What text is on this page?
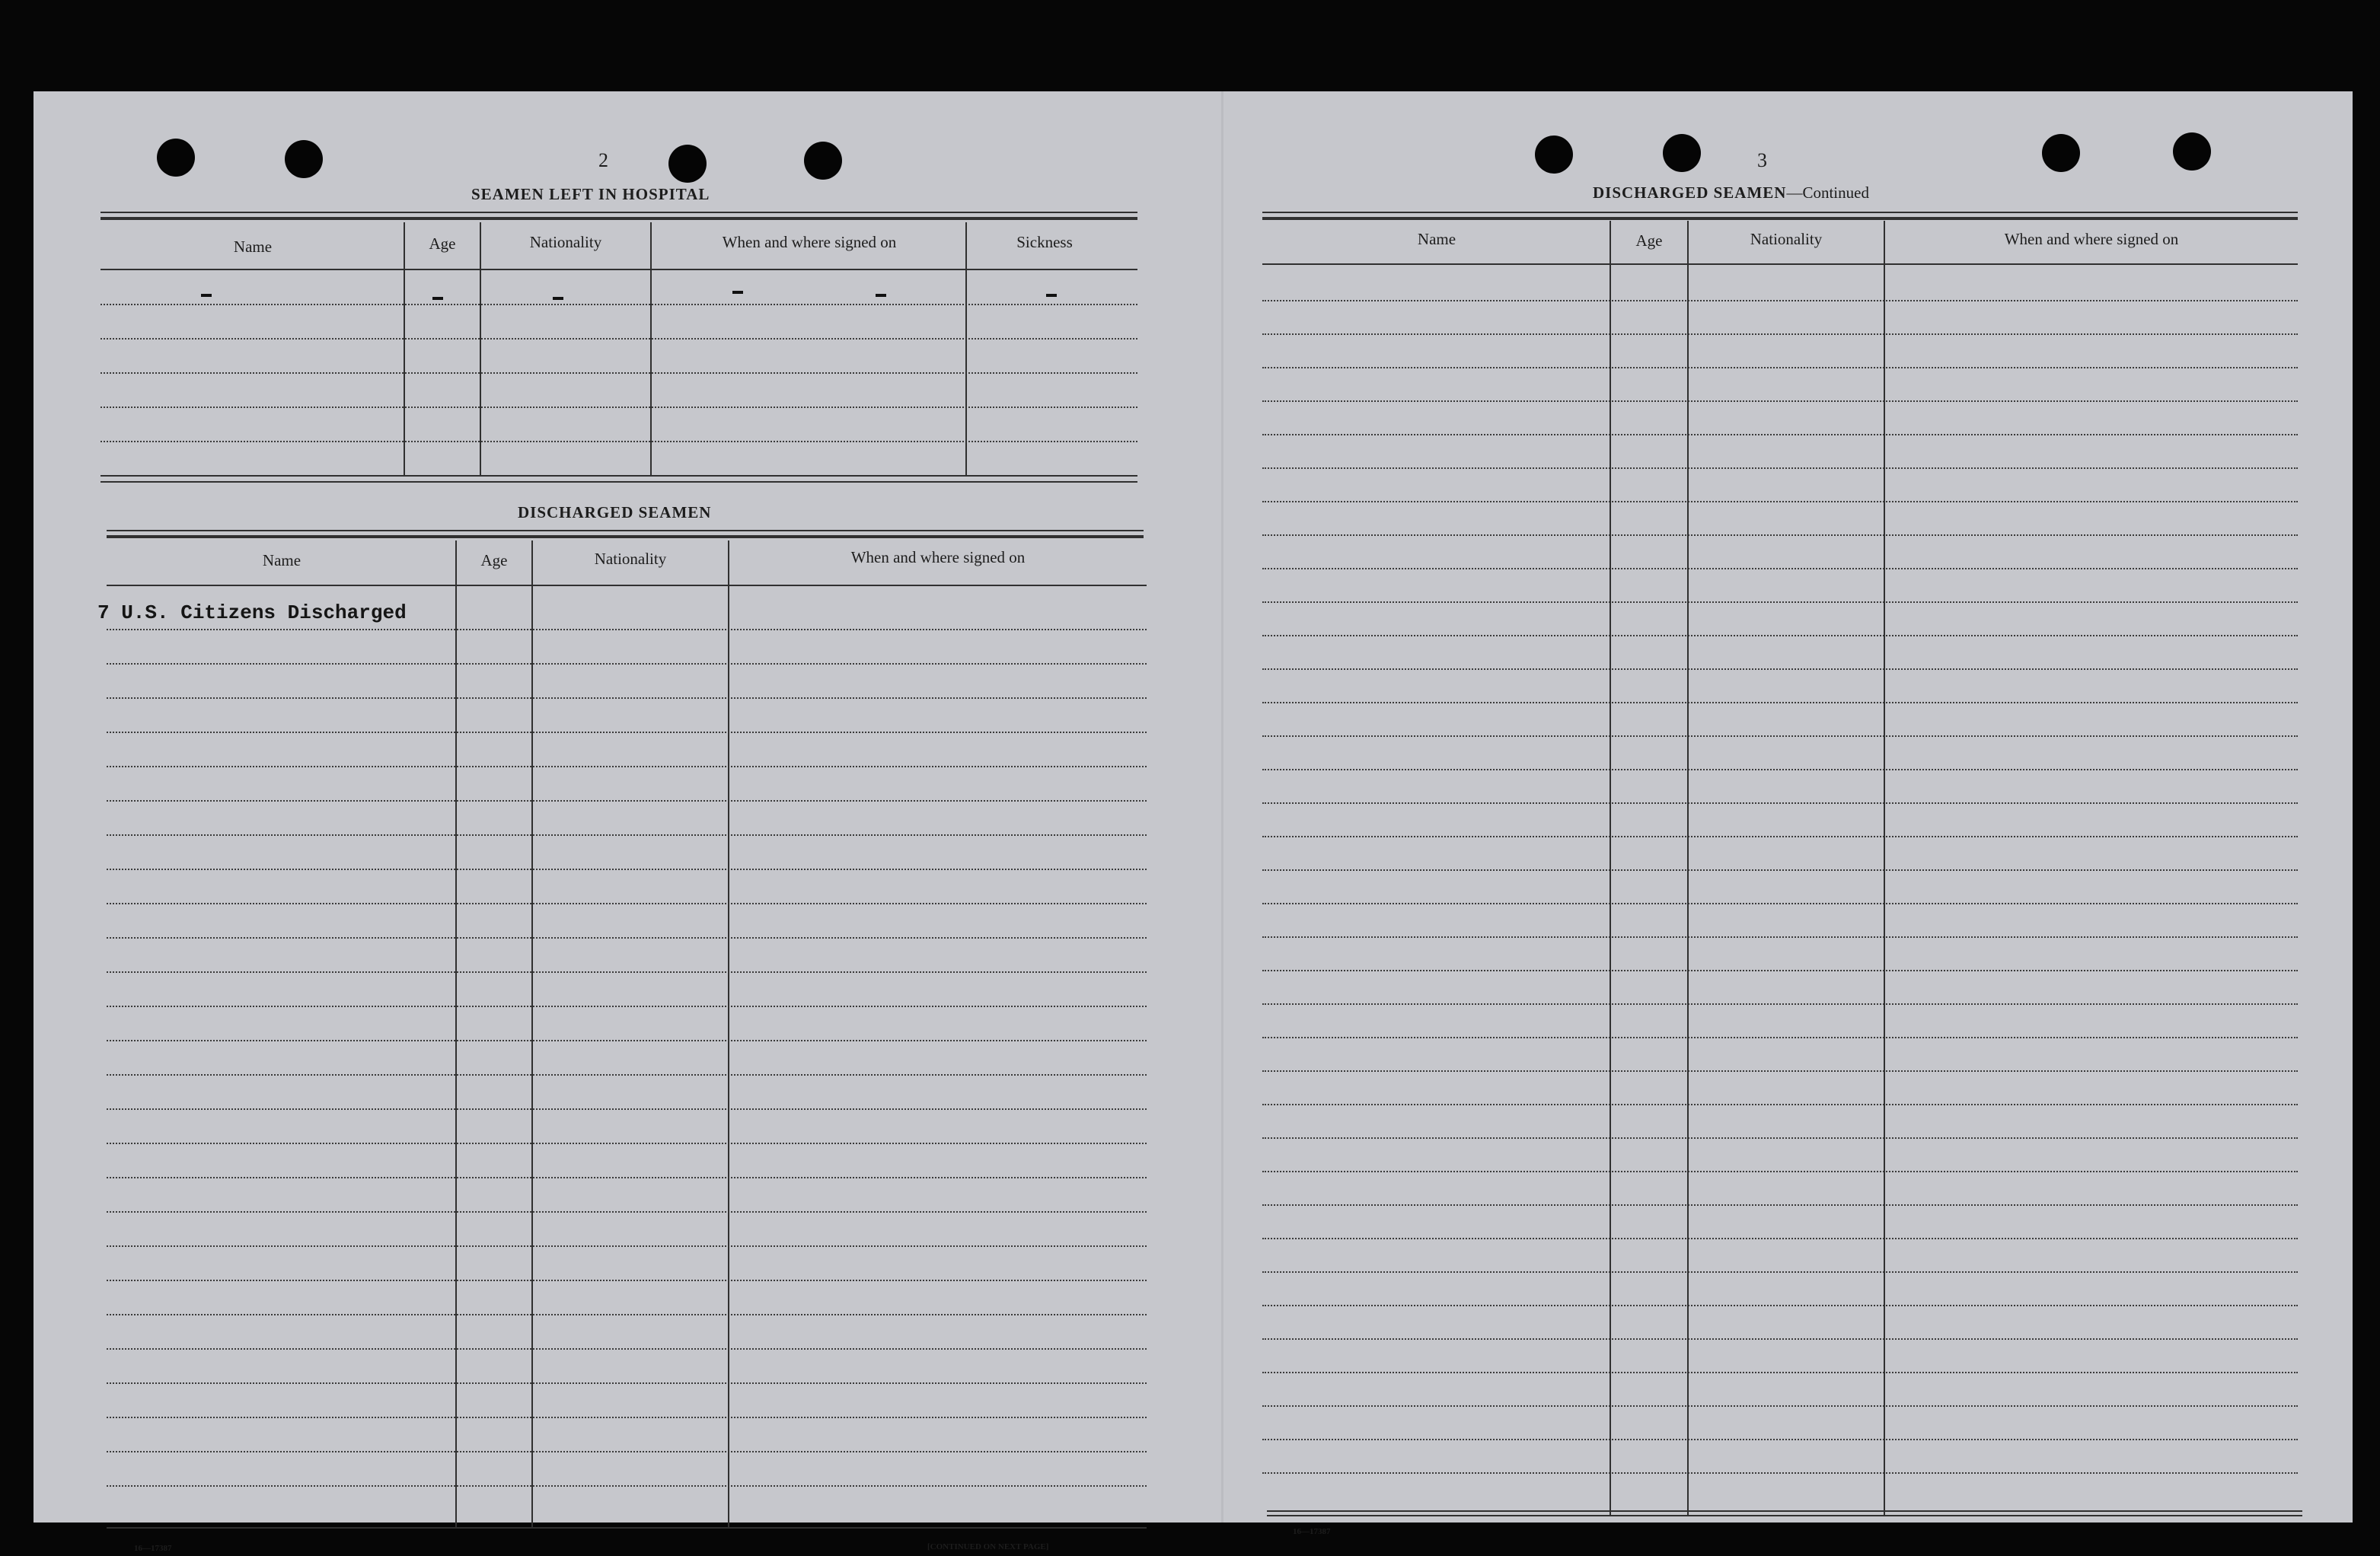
2
SEAMEN LEFT IN HOSPITAL
Name	Age	Nationality	When and where signed on	Sickness
DISCHARGED SEAMEN
Name	Age	Nationality	When and where signed on
7 U.S. Citizens Discharged
16—17387	[CONTINUED ON NEXT PAGE]
3
DISCHARGED SEAMEN—Continued
Name	Age	Nationality	When and where signed on
16—17387
